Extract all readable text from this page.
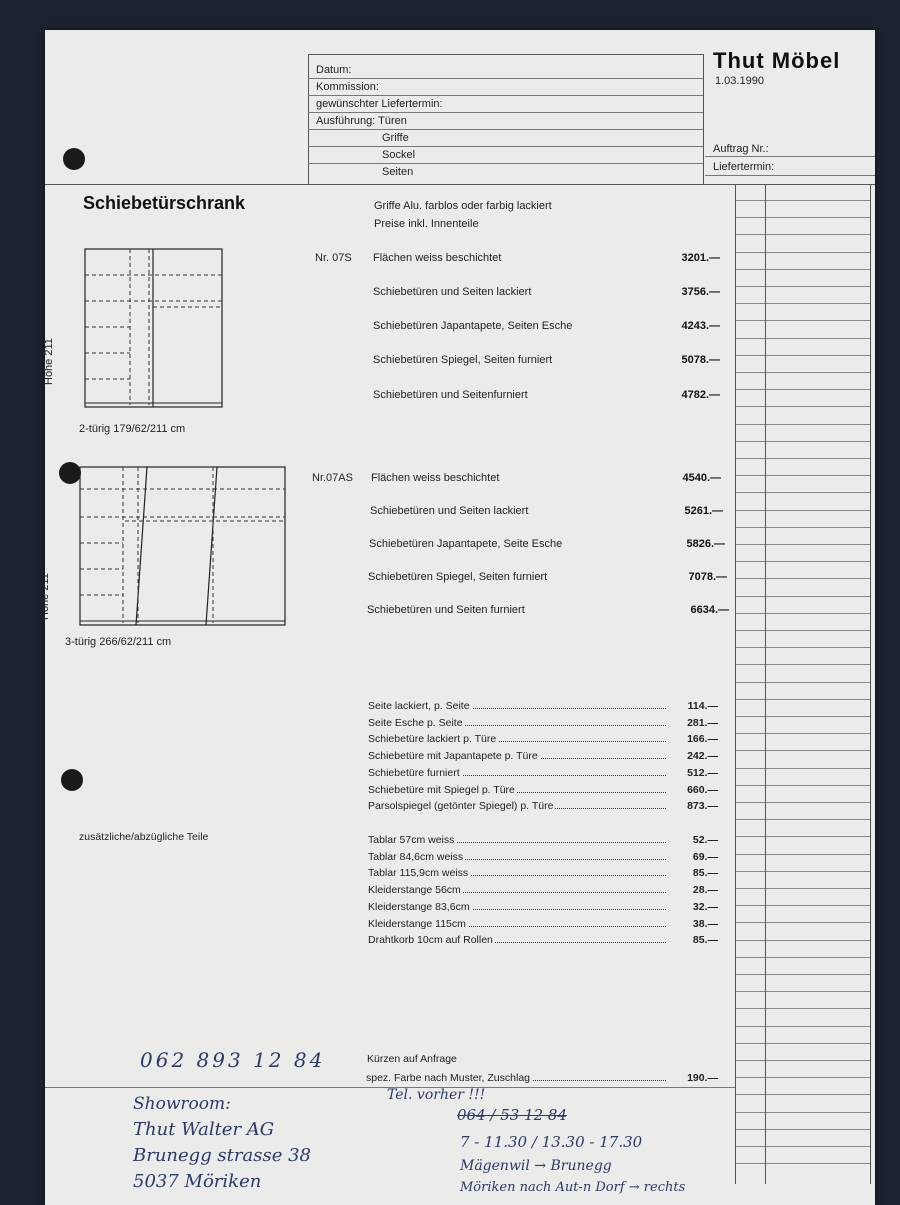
Datum:
Kommission:
gewünschter Liefertermin:
Ausführung: Türen
Griffe
Sockel
Seiten
Thut Möbel
1.03.1990
Auftrag Nr.:
Liefertermin:
Schiebetürschrank	Griffe Alu. farblos oder farbig lackiert
Preise inkl. Innenteile
Höhe 211
2-türig 179/62/211 cm
Nr. 07S Flächen weiss beschichtet	3201.—
Schiebetüren und Seiten lackiert	3756.—
Schiebetüren Japantapete, Seiten Esche	4243.—
Schiebetüren Spiegel, Seiten furniert	5078.—
Schiebetüren und Seitenfurniert	4782.—
Höhe 211
3-türig 266/62/211 cm
Nr.07AS Flächen weiss beschichtet	4540.—
Schiebetüren und Seiten lackiert	5261.—
Schiebetüren Japantapete, Seite Esche	5826.—
Schiebetüren Spiegel, Seiten furniert	7078.—
Schiebetüren und Seiten furniert	6634.—
zusätzliche/abzügliche Teile
Seite lackiert, p. Seite	114.—
Seite Esche p. Seite	281.—
Schiebetüre lackiert p. Türe	166.—
Schiebetüre mit Japantapete p. Türe	242.—
Schiebetüre furniert	512.—
Schiebetüre mit Spiegel p. Türe	660.—
Parsolspiegel (getönter Spiegel) p. Türe	873.—
Tablar 57cm weiss	52.—
Tablar 84,6cm weiss	69.—
Tablar 115,9cm weiss	85.—
Kleiderstange 56cm	28.—
Kleiderstange 83,6cm	32.—
Kleiderstange 115cm	38.—
Drahtkorb 10cm auf Rollen	85.—
Kürzen auf Anfrage
spez. Farbe nach Muster, Zuschlag	190.—
062 893 12 84
Showroom:
Thut Walter AG
Brunegg strasse 38
5037 Möriken
Tel. vorher !!!
064 / 53 12 84
7 - 11.30 / 13.30 - 17.30
Mägenwil → Brunegg
Möriken nach Aut-n Dorf → rechts
